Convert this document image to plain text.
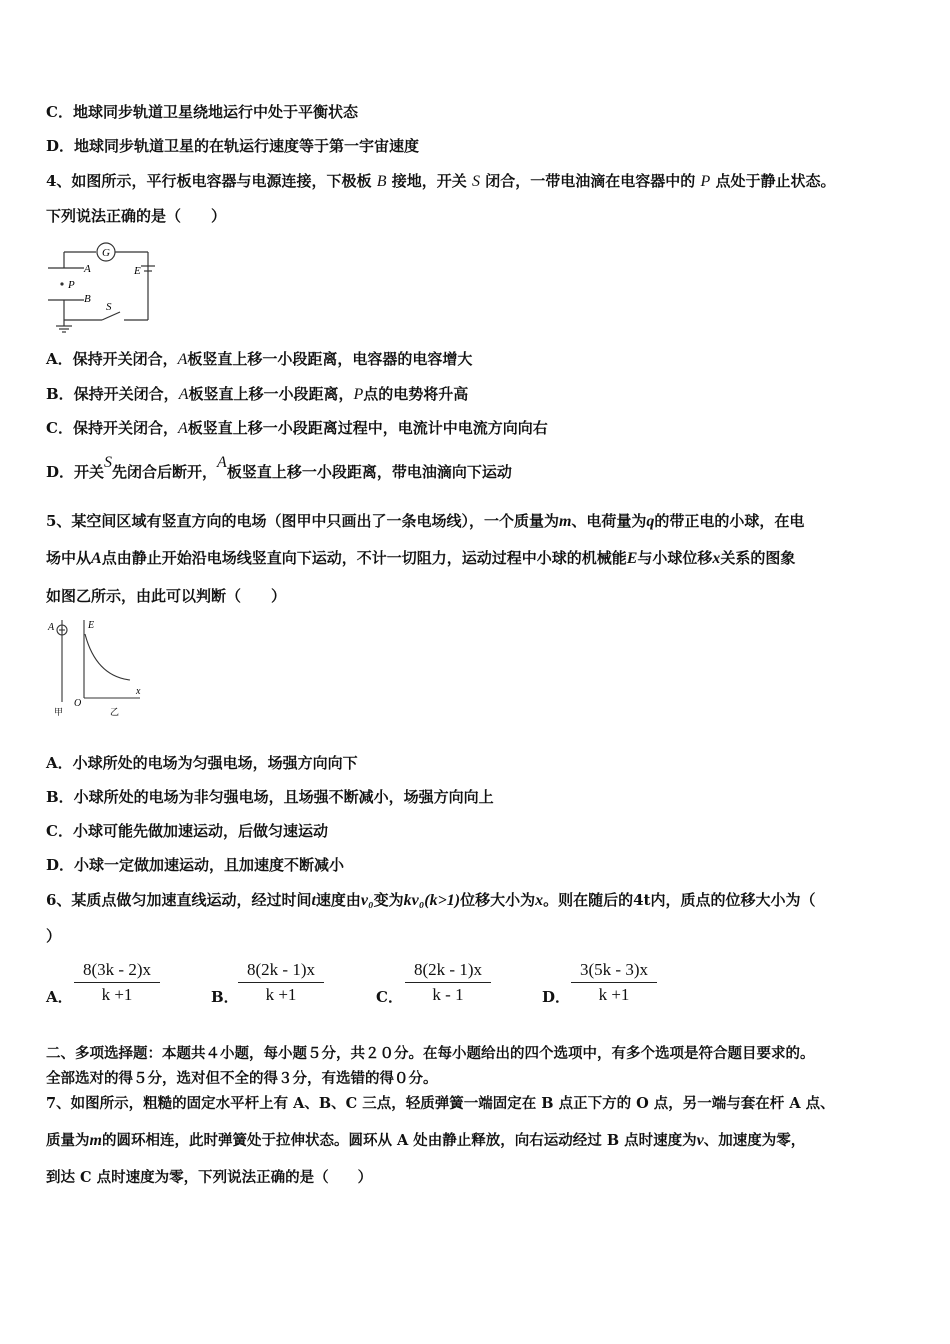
C．地球同步轨道卫星绕地运行中处于平衡状态
D．地球同步轨道卫星的在轨运行速度等于第一宇宙速度
4、如图所示，平行板电容器与电源连接，下极板 B 接地，开关 S 闭合，一带电油滴在电容器中的 P 点处于静止状态。
下列说法正确的是（　　）
G
A	E
P
B
S
A．保持开关闭合，A板竖直上移一小段距离，电容器的电容增大
B．保持开关闭合，A板竖直上移一小段距离，P点的电势将升高
C．保持开关闭合，A板竖直上移一小段距离过程中，电流计中电流方向向右
D．开关S先闭合后断开，A板竖直上移一小段距离，带电油滴向下运动
5、某空间区域有竖直方向的电场（图甲中只画出了一条电场线），一个质量为m、电荷量为q的带正电的小球，在电
场中从A点由静止开始沿电场线竖直向下运动，不计一切阻力，运动过程中小球的机械能E与小球位移x关系的图象
如图乙所示，由此可以判断（　　）
A	E
O
x
甲	乙
A．小球所处的电场为匀强电场，场强方向向下
B．小球所处的电场为非匀强电场，且场强不断减小，场强方向向上
C．小球可能先做加速运动，后做匀速运动
D．小球一定做加速运动，且加速度不断减小
6、某质点做匀加速直线运动，经过时间t速度由v₀变为kv₀(k>1)位移大小为x。则在随后的4t内，质点的位移大小为（
）
A． $\frac{8(3k - 2)x}{k +1}$	B． $\frac{8(2k - 1)x}{k +1}$	C． $\frac{8(2k - 1)x}{k - 1}$	D． $\frac{3(5k - 3)x}{k +1}$
二、多项选择题：本题共４小题，每小题５分，共２０分。在每小题给出的四个选项中，有多个选项是符合题目要求的。
全部选对的得５分，选对但不全的得３分，有选错的得０分。
7、如图所示，粗糙的固定水平杆上有 A、B、C 三点，轻质弹簧一端固定在 B 点正下方的 O 点，另一端与套在杆 A 点、
质量为m的圆环相连，此时弹簧处于拉伸状态。圆环从 A 处由静止释放，向右运动经过 B 点时速度为v、加速度为零，
到达 C 点时速度为零，下列说法正确的是（　　）
